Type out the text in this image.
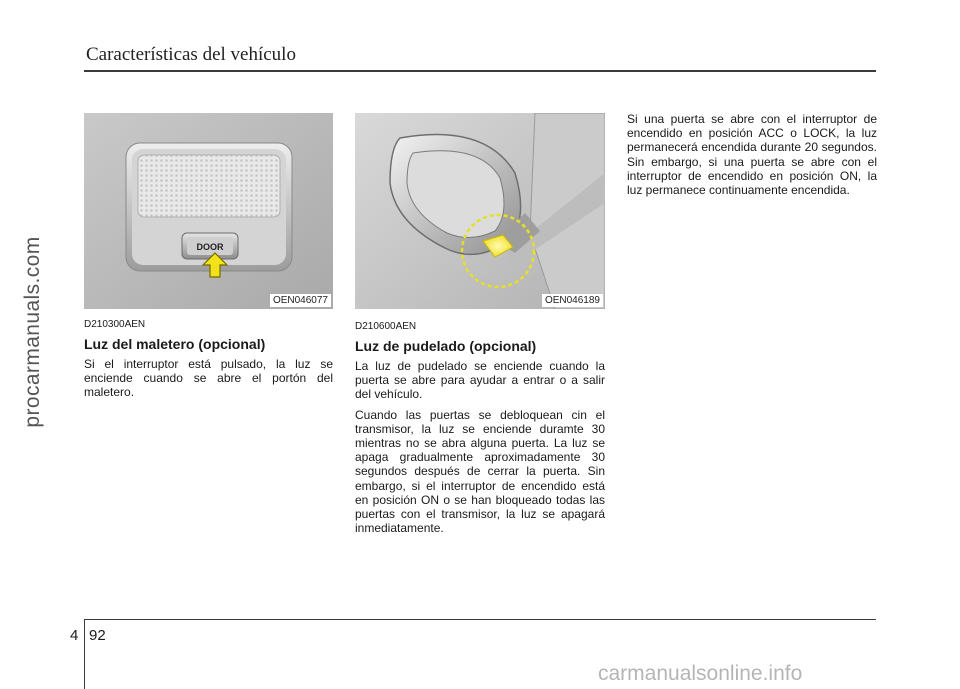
Características del vehículo
procarmanuals.com	DOOR
OEN046077	OEN046189
D210300AEN
Luz del maletero (opcional)

Si el interruptor está pulsado, la luz se enciende cuando se abre el portón del maletero.

D210600AEN
Luz de pudelado (opcional)

La luz de pudelado se enciende cuando la puerta se abre para ayudar a entrar o a salir del vehículo.

Cuando las puertas se debloquean cin el transmisor, la luz se enciende duramte 30 mientras no se abra alguna puerta. La luz se apaga gradualmente aproximadamente 30 segundos después de cerrar la puerta. Sin embargo, si el interruptor de encendido está en posición ON o se han bloqueado todas las puertas con el transmisor, la luz se apagará inmediatamente.

Si una puerta se abre con el interruptor de encendido en posición ACC o LOCK, la luz permanecerá encendida durante 20 segundos. Sin embargo, si una puerta se abre con el interruptor de encendido en posición ON, la luz permanece continuamente encendida.

4 92
carmanualsonline.info
